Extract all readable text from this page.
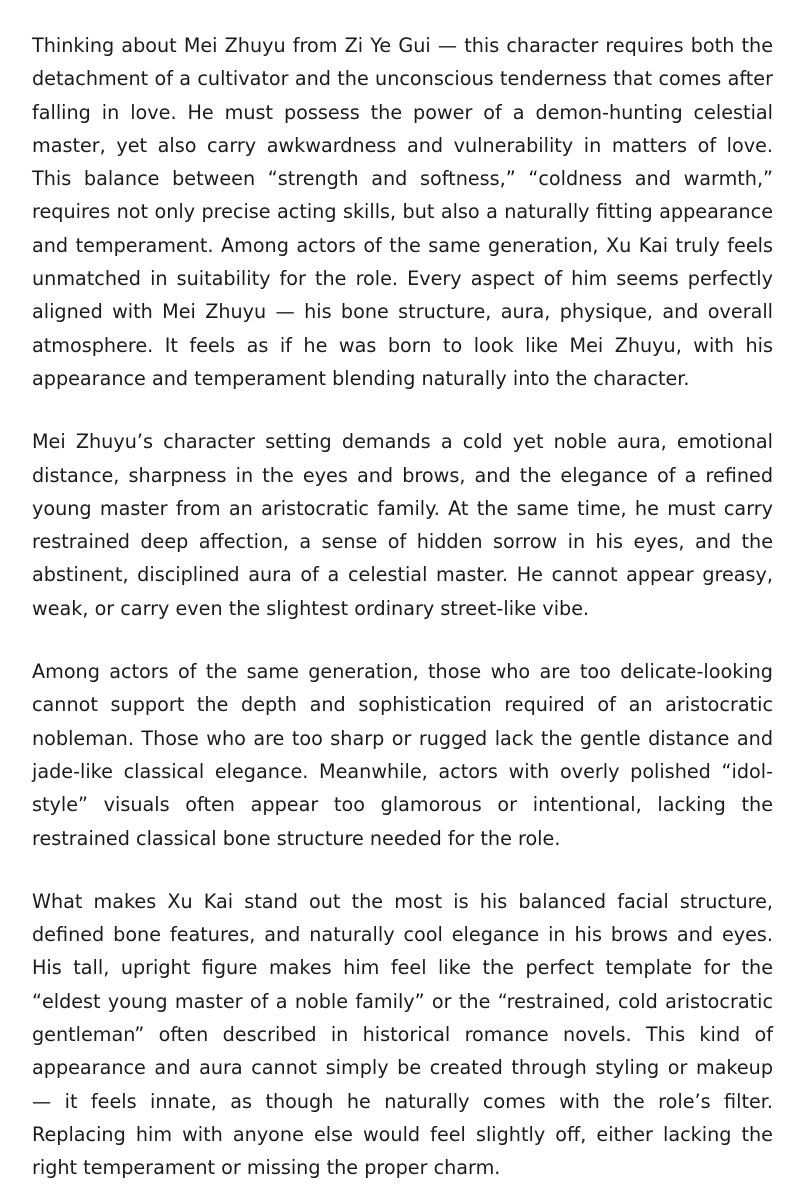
Thinking about Mei Zhuyu from Zi Ye Gui — this character requires both the detachment of a cultivator and the unconscious tenderness that comes after falling in love. He must possess the power of a demon-hunting celestial master, yet also carry awkwardness and vulnerability in matters of love. This balance between “strength and softness,” “coldness and warmth,” requires not only precise acting skills, but also a naturally fitting appearance and temperament. Among actors of the same generation, Xu Kai truly feels unmatched in suitability for the role. Every aspect of him seems perfectly aligned with Mei Zhuyu — his bone structure, aura, physique, and overall atmosphere. It feels as if he was born to look like Mei Zhuyu, with his appearance and temperament blending naturally into the character.

Mei Zhuyu’s character setting demands a cold yet noble aura, emotional distance, sharpness in the eyes and brows, and the elegance of a refined young master from an aristocratic family. At the same time, he must carry restrained deep affection, a sense of hidden sorrow in his eyes, and the abstinent, disciplined aura of a celestial master. He cannot appear greasy, weak, or carry even the slightest ordinary street-like vibe.

Among actors of the same generation, those who are too delicate-looking cannot support the depth and sophistication required of an aristocratic nobleman. Those who are too sharp or rugged lack the gentle distance and jade-like classical elegance. Meanwhile, actors with overly polished “idol-style” visuals often appear too glamorous or intentional, lacking the restrained classical bone structure needed for the role.

What makes Xu Kai stand out the most is his balanced facial structure, defined bone features, and naturally cool elegance in his brows and eyes. His tall, upright figure makes him feel like the perfect template for the “eldest young master of a noble family” or the “restrained, cold aristocratic gentleman” often described in historical romance novels. This kind of appearance and aura cannot simply be created through styling or makeup — it feels innate, as though he naturally comes with the role’s filter. Replacing him with anyone else would feel slightly off, either lacking the right temperament or missing the proper charm.
